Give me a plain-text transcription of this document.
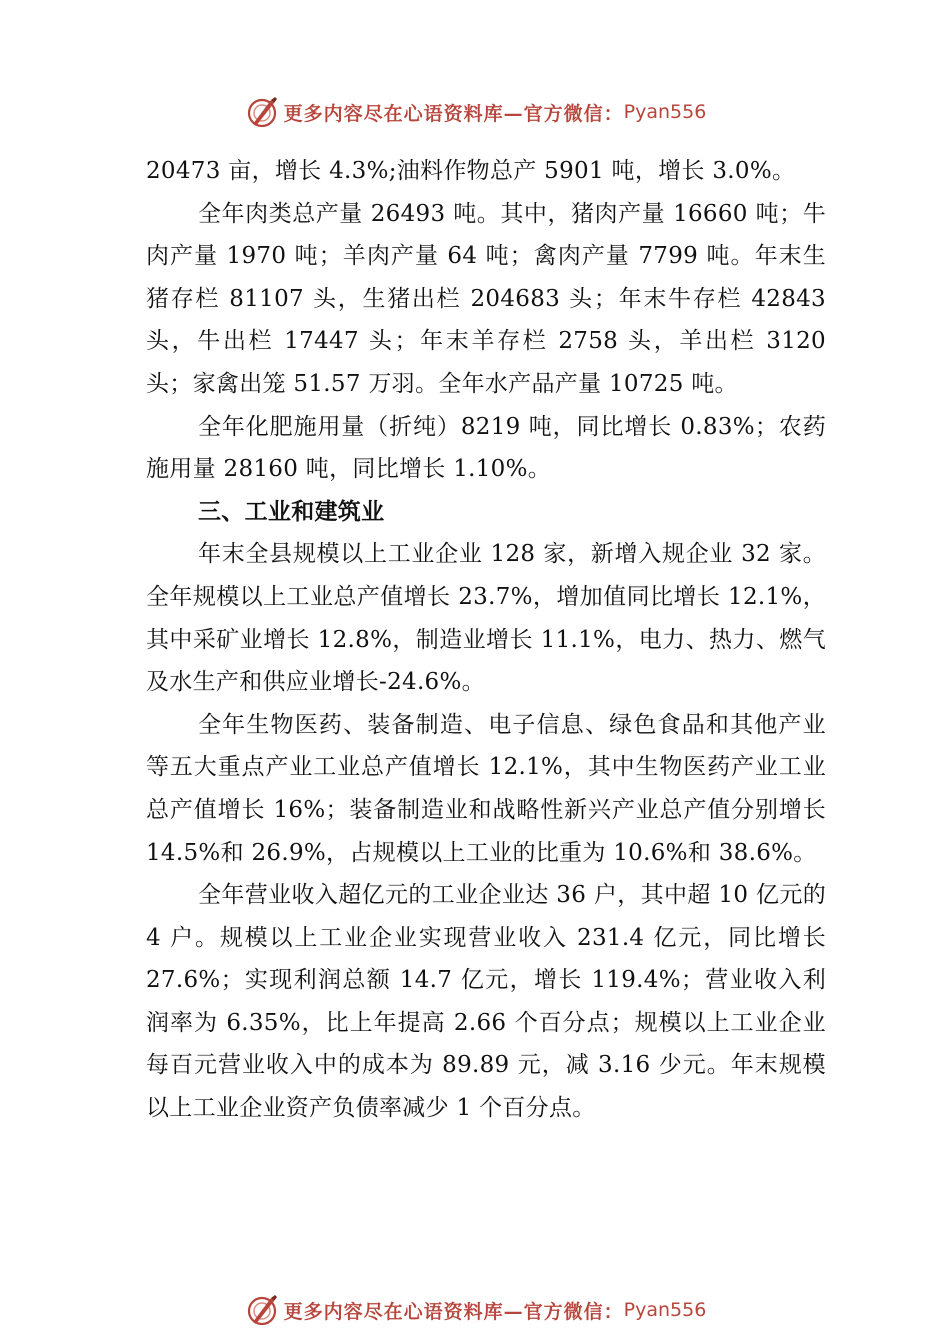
更多内容尽在心语资料库—官方微信： Pyan556

20473 亩，增长 4.3%;油料作物总产 5901 吨，增长 3.0%。

全年肉类总产量 26493 吨。其中，猪肉产量 16660 吨；牛肉产量 1970 吨；羊肉产量 64 吨；禽肉产量 7799 吨。年末生猪存栏 81107 头，生猪出栏 204683 头；年末牛存栏 42843 头，牛出栏 17447 头；年末羊存栏 2758 头，羊出栏 3120 头；家禽出笼 51.57 万羽。全年水产品产量 10725 吨。

全年化肥施用量（折纯）8219 吨，同比增长 0.83%；农药施用量 28160 吨，同比增长 1.10%。

三、工业和建筑业

年末全县规模以上工业企业 128 家，新增入规企业 32 家。全年规模以上工业总产值增长 23.7%，增加值同比增长 12.1%，其中采矿业增长 12.8%，制造业增长 11.1%，电力、热力、燃气及水生产和供应业增长-24.6%。

全年生物医药、装备制造、电子信息、绿色食品和其他产业等五大重点产业工业总产值增长 12.1%，其中生物医药产业工业总产值增长 16%；装备制造业和战略性新兴产业总产值分别增长 14.5%和 26.9%，占规模以上工业的比重为 10.6%和 38.6%。

全年营业收入超亿元的工业企业达 36 户，其中超 10 亿元的 4 户。规模以上工业企业实现营业收入 231.4 亿元，同比增长 27.6%；实现利润总额 14.7 亿元，增长 119.4%；营业收入利润率为 6.35%，比上年提高 2.66 个百分点；规模以上工业企业每百元营业收入中的成本为 89.89 元，减 3.16 少元。年末规模以上工业企业资产负债率减少 1 个百分点。

更多内容尽在心语资料库—官方微信： Pyan556
